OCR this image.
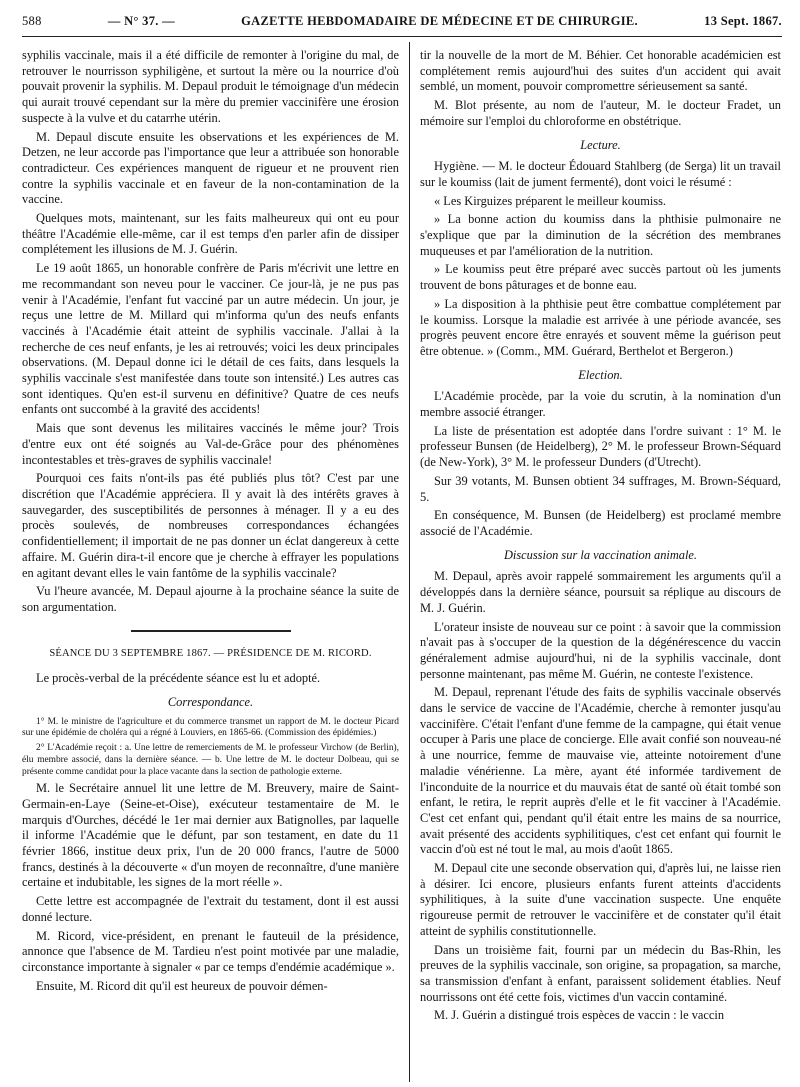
588	— N° 37. —	GAZETTE HEBDOMADAIRE DE MÉDECINE ET DE CHIRURGIE.	13 Sept. 1867.

syphilis vaccinale, mais il a été difficile de remonter à l'origine du mal, de retrouver le nourrisson syphiligène, et surtout la mère ou la nourrice d'où pouvait provenir la syphilis. M. Depaul produit le témoignage d'un médecin qui aurait trouvé cependant sur la mère du premier vaccinifère une érosion suspecte à la vulve et du catarrhe utérin.

M. Depaul discute ensuite les observations et les expériences de M. Detzen, ne leur accorde pas l'importance que leur a attribuée son honorable contradicteur. Ces expériences manquent de rigueur et ne prouvent rien contre la syphilis vaccinale et en faveur de la non-contamination de la vaccine.

Quelques mots, maintenant, sur les faits malheureux qui ont eu pour théâtre l'Académie elle-même, car il est temps d'en parler afin de dissiper complétement les illusions de M. J. Guérin.

Le 19 août 1865, un honorable confrère de Paris m'écrivit une lettre en me recommandant son neveu pour le vacciner. Ce jour-là, je ne pus pas venir à l'Académie, l'enfant fut vacciné par un autre médecin. Un jour, je reçus une lettre de M. Millard qui m'informa qu'un des neufs enfants vaccinés à l'Académie était atteint de syphilis vaccinale. J'allai à la recherche de ces neuf enfants, je les ai retrouvés; voici les deux principales observations. (M. Depaul donne ici le détail de ces faits, dans lesquels la syphilis vaccinale s'est manifestée dans toute son intensité.) Les autres cas sont identiques. Qu'en est-il survenu en définitive? Quatre de ces neufs enfants ont succombé à la gravité des accidents!

Mais que sont devenus les militaires vaccinés le même jour? Trois d'entre eux ont été soignés au Val-de-Grâce pour des phénomènes incontestables et très-graves de syphilis vaccinale!

Pourquoi ces faits n'ont-ils pas été publiés plus tôt? C'est par une discrétion que l'Académie appréciera. Il y avait là des intérêts graves à sauvegarder, des susceptibilités de personnes à ménager. Il y a eu des procès soulevés, de nombreuses correspondances échangées confidentiellement; il importait de ne pas donner un éclat dangereux à cette affaire. M. Guérin dira-t-il encore que je cherche à effrayer les populations en agitant devant elles le vain fantôme de la syphilis vaccinale?

Vu l'heure avancée, M. Depaul ajourne à la prochaine séance la suite de son argumentation.

SÉANCE DU 3 SEPTEMBRE 1867. — PRÉSIDENCE DE M. RICORD.

Le procès-verbal de la précédente séance est lu et adopté.

Correspondance.

1° M. le ministre de l'agriculture et du commerce transmet un rapport de M. le docteur Picard sur une épidémie de choléra qui a régné à Louviers, en 1865-66. (Commission des épidémies.)

2° L'Académie reçoit : a. Une lettre de remerciements de M. le professeur Virchow (de Berlin), élu membre associé, dans la dernière séance. — b. Une lettre de M. le docteur Dolbeau, qui se présente comme candidat pour la place vacante dans la section de pathologie externe.

M. le Secrétaire annuel lit une lettre de M. Breuvery, maire de Saint-Germain-en-Laye (Seine-et-Oise), exécuteur testamentaire de M. le marquis d'Ourches, décédé le 1er mai dernier aux Batignolles, par laquelle il informe l'Académie que le défunt, par son testament, en date du 11 février 1866, institue deux prix, l'un de 20 000 francs, l'autre de 5000 francs, destinés à la découverte « d'un moyen de reconnaître, d'une manière certaine et indubitable, les signes de la mort réelle ».

Cette lettre est accompagnée de l'extrait du testament, dont il est aussi donné lecture.

M. Ricord, vice-président, en prenant le fauteuil de la présidence, annonce que l'absence de M. Tardieu n'est point motivée par une maladie, circonstance importante à signaler « par ce temps d'endémie académique ».

Ensuite, M. Ricord dit qu'il est heureux de pouvoir démen-

tir la nouvelle de la mort de M. Béhier. Cet honorable académicien est complétement remis aujourd'hui des suites d'un accident qui avait semblé, un moment, pouvoir compromettre sérieusement sa santé.

M. Blot présente, au nom de l'auteur, M. le docteur Fradet, un mémoire sur l'emploi du chloroforme en obstétrique.

Lecture.

Hygiène. — M. le docteur Édouard Stahlberg (de Serga) lit un travail sur le koumiss (lait de jument fermenté), dont voici le résumé :

« Les Kirguizes préparent le meilleur koumiss.

» La bonne action du koumiss dans la phthisie pulmonaire ne s'explique que par la diminution de la sécrétion des membranes muqueuses et par l'amélioration de la nutrition.

» Le koumiss peut être préparé avec succès partout où les juments trouvent de bons pâturages et de bonne eau.

» La disposition à la phthisie peut être combattue complétement par le koumiss. Lorsque la maladie est arrivée à une période avancée, ses progrès peuvent encore être enrayés et souvent même la guérison peut être obtenue. » (Comm., MM. Guérard, Berthelot et Bergeron.)

Election.

L'Académie procède, par la voie du scrutin, à la nomination d'un membre associé étranger.

La liste de présentation est adoptée dans l'ordre suivant : 1° M. le professeur Bunsen (de Heidelberg), 2° M. le professeur Brown-Séquard (de New-York), 3° M. le professeur Dunders (d'Utrecht).

Sur 39 votants, M. Bunsen obtient 34 suffrages, M. Brown-Séquard, 5.

En conséquence, M. Bunsen (de Heidelberg) est proclamé membre associé de l'Académie.

Discussion sur la vaccination animale.

M. Depaul, après avoir rappelé sommairement les arguments qu'il a développés dans la dernière séance, poursuit sa réplique au discours de M. J. Guérin.

L'orateur insiste de nouveau sur ce point : à savoir que la commission n'avait pas à s'occuper de la question de la dégénérescence du vaccin généralement admise aujourd'hui, ni de la syphilis vaccinale, dont personne maintenant, pas même M. Guérin, ne conteste l'existence.

M. Depaul, reprenant l'étude des faits de syphilis vaccinale observés dans le service de vaccine de l'Académie, cherche à remonter jusqu'au vaccinifère. C'était l'enfant d'une femme de la campagne, qui était venue occuper à Paris une place de concierge. Elle avait confié son nouveau-né à une nourrice, femme de mauvaise vie, atteinte notoirement d'une maladie vénérienne. La mère, ayant été informée tardivement de l'inconduite de la nourrice et du mauvais état de santé où était tombé son enfant, le retira, le reprit auprès d'elle et le fit vacciner à l'Académie. C'est cet enfant qui, pendant qu'il était entre les mains de sa nourrice, avait présenté des accidents syphilitiques, c'est cet enfant qui fournit le vaccin d'où est né tout le mal, au mois d'août 1865.

M. Depaul cite une seconde observation qui, d'après lui, ne laisse rien à désirer. Ici encore, plusieurs enfants furent atteints d'accidents syphilitiques, à la suite d'une vaccination suspecte. Une enquête rigoureuse permit de retrouver le vaccinifère et de constater qu'il était atteint de syphilis constitutionnelle.

Dans un troisième fait, fourni par un médecin du Bas-Rhin, les preuves de la syphilis vaccinale, son origine, sa propagation, sa marche, sa transmission d'enfant à enfant, paraissent solidement établies. Neuf nourrissons ont été cette fois, victimes d'un vaccin contaminé.

M. J. Guérin a distingué trois espèces de vaccin : le vaccin
